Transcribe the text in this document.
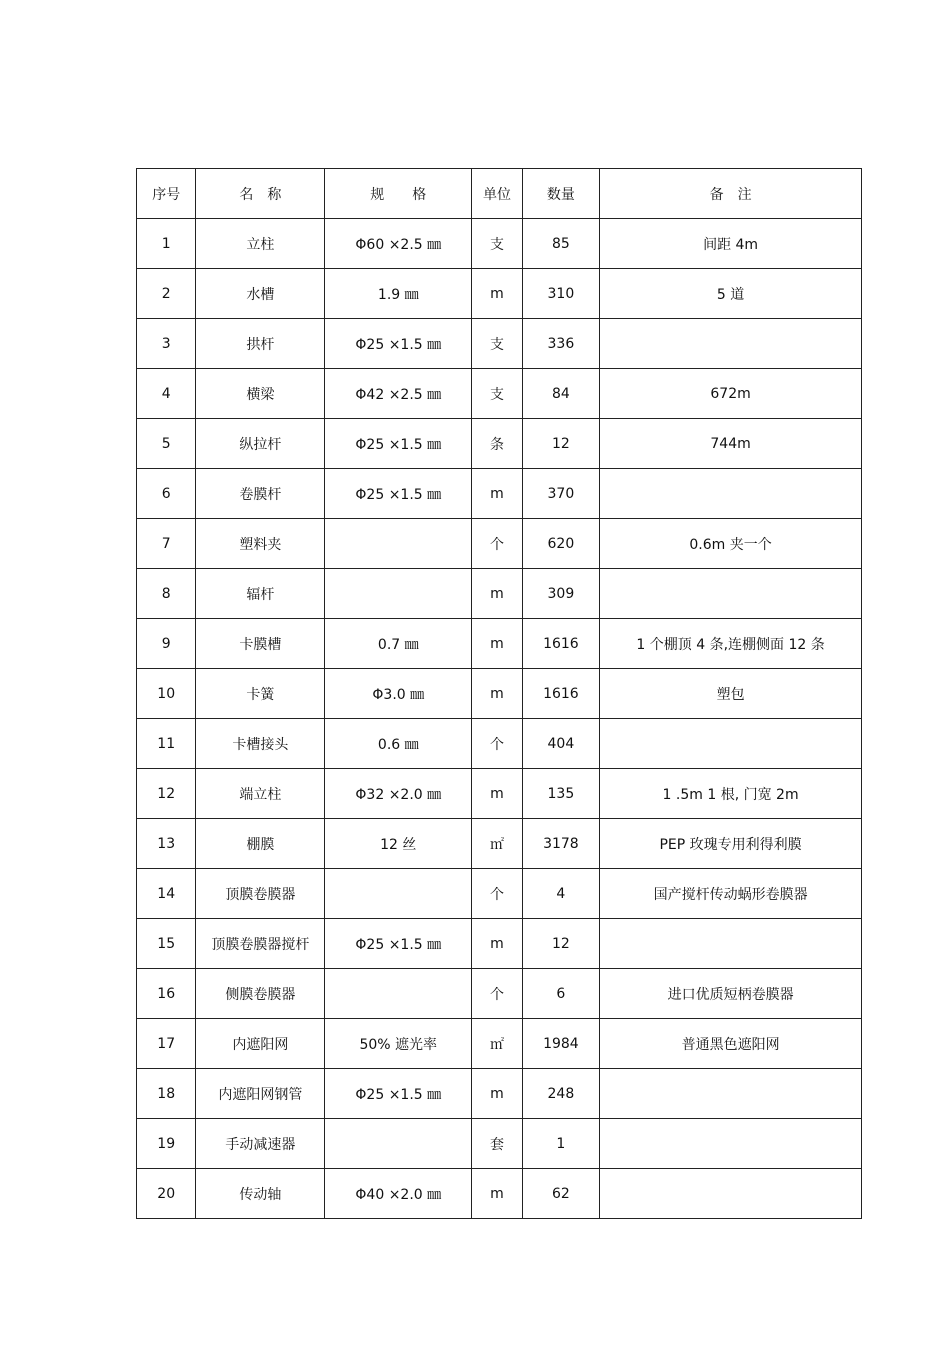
序号	名　称	规　　格	单位	数量	备　注
1	立柱	Φ60 ×2.5 ㎜	支	85	间距 4m
2	水槽	1.9 ㎜	m	310	5 道
3	拱杆	Φ25 ×1.5 ㎜	支	336	
4	横梁	Φ42 ×2.5 ㎜	支	84	672m
5	纵拉杆	Φ25 ×1.5 ㎜	条	12	744m
6	卷膜杆	Φ25 ×1.5 ㎜	m	370	
7	塑料夹		个	620	0.6m 夹一个
8	辐杆		m	309	
9	卡膜槽	0.7 ㎜	m	1616	1 个棚顶 4 条,连棚侧面 12 条
10	卡簧	Φ3.0 ㎜	m	1616	塑包
11	卡槽接头	0.6 ㎜	个	404	
12	端立柱	Φ32 ×2.0 ㎜	m	135	1 .5m 1 根, 门宽 2m
13	棚膜	12 丝	㎡	3178	PEP 玫瑰专用利得利膜
14	顶膜卷膜器		个	4	国产搅杆传动蜗形卷膜器
15	顶膜卷膜器搅杆	Φ25 ×1.5 ㎜	m	12	
16	侧膜卷膜器		个	6	进口优质短柄卷膜器
17	内遮阳网	50% 遮光率	㎡	1984	普通黑色遮阳网
18	内遮阳网钢管	Φ25 ×1.5 ㎜	m	248	
19	手动减速器		套	1	
20	传动轴	Φ40 ×2.0 ㎜	m	62	
